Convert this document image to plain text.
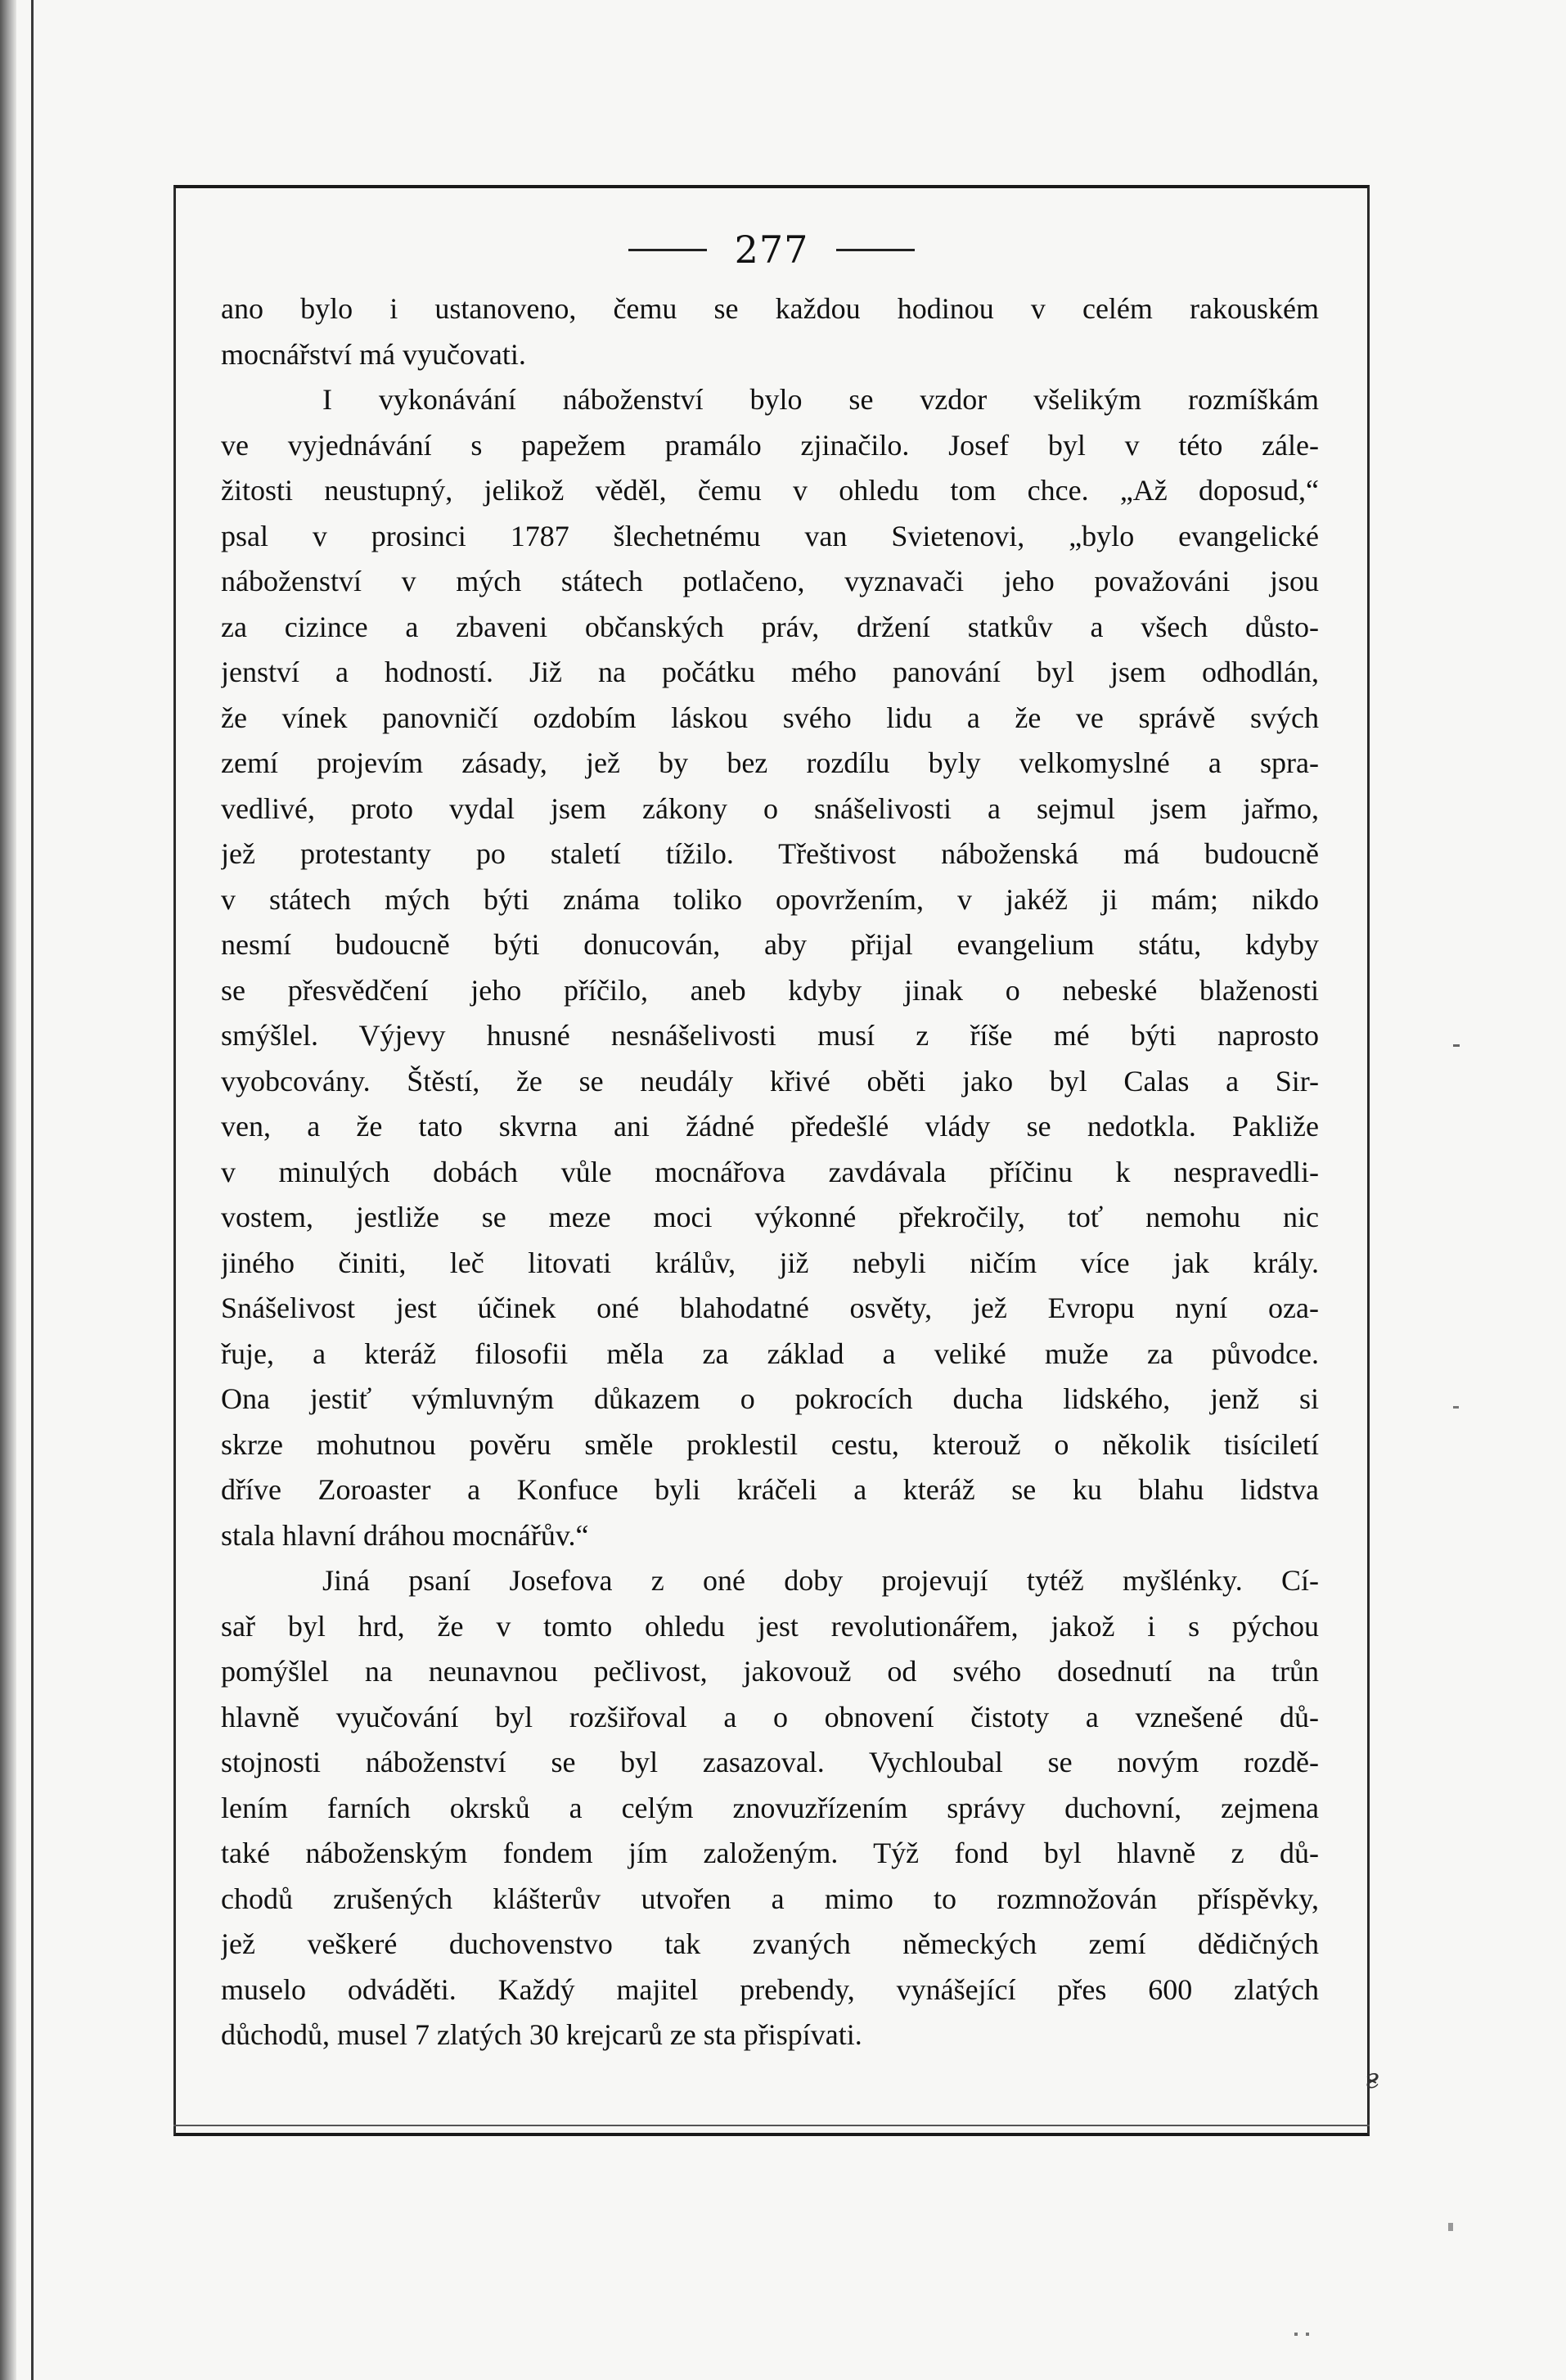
277
ano bylo i ustanoveno, čemu se každou hodinou v celém rakouském
mocnářství má vyučovati.
I vykonávání náboženství bylo se vzdor všelikým rozmíškám
ve vyjednávání s papežem pramálo zjinačilo. Josef byl v této zále-
žitosti neustupný, jelikož věděl, čemu v ohledu tom chce. „Až doposud,“
psal v prosinci 1787 šlechetnému van Svietenovi, „bylo evangelické
náboženství v mých státech potlačeno, vyznavači jeho považováni jsou
za cizince a zbaveni občanských práv, držení statkův a všech důsto-
jenství a hodností. Již na počátku mého panování byl jsem odhodlán,
že vínek panovničí ozdobím láskou svého lidu a že ve správě svých
zemí projevím zásady, jež by bez rozdílu byly velkomyslné a spra-
vedlivé, proto vydal jsem zákony o snášelivosti a sejmul jsem jařmo,
jež protestanty po staletí tížilo. Třeštivost náboženská má budoucně
v státech mých býti známa toliko opovržením, v jakéž ji mám; nikdo
nesmí budoucně býti donucován, aby přijal evangelium státu, kdyby
se přesvědčení jeho příčilo, aneb kdyby jinak o nebeské blaženosti
smýšlel. Výjevy hnusné nesnášelivosti musí z říše mé býti naprosto
vyobcovány. Štěstí, že se neudály křivé oběti jako byl Calas a Sir-
ven, a že tato skvrna ani žádné předešlé vlády se nedotkla. Pakliže
v minulých dobách vůle mocnářova zavdávala příčinu k nespravedli-
vostem, jestliže se meze moci výkonné překročily, toť nemohu nic
jiného činiti, leč litovati králův, již nebyli ničím více jak krály.
Snášelivost jest účinek oné blahodatné osvěty, jež Evropu nyní oza-
řuje, a kteráž filosofii měla za základ a veliké muže za původce.
Ona jestiť výmluvným důkazem o pokrocích ducha lidského, jenž si
skrze mohutnou pověru směle proklestil cestu, kterouž o několik tisíciletí
dříve Zoroaster a Konfuce byli kráčeli a kteráž se ku blahu lidstva
stala hlavní dráhou mocnářův.“
Jiná psaní Josefova z oné doby projevují tytéž myšlénky. Cí-
sař byl hrd, že v tomto ohledu jest revolutionářem, jakož i s pýchou
pomýšlel na neunavnou pečlivost, jakovouž od svého dosednutí na trůn
hlavně vyučování byl rozšiřoval a o obnovení čistoty a vznešené dů-
stojnosti náboženství se byl zasazoval. Vychloubal se novým rozdě-
lením farních okrsků a celým znovuzřízením správy duchovní, zejmena
také náboženským fondem jím založeným. Týž fond byl hlavně z dů-
chodů zrušených klášterův utvořen a mimo to rozmnožován příspěvky,
jež veškeré duchovenstvo tak zvaných německých zemí dědičných
muselo odváděti. Každý majitel prebendy, vynášející přes 600 zlatých
důchodů, musel 7 zlatých 30 krejcarů ze sta přispívati.
ғ
